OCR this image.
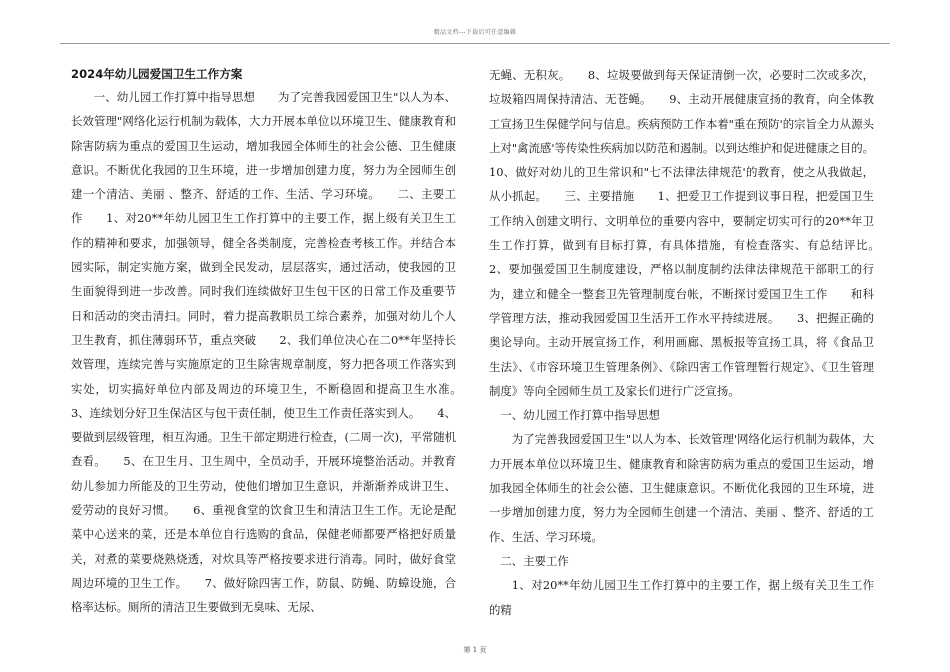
精品文档---下载后可任意编辑

2024年幼儿园爱国卫生工作方案

一、幼儿园工作打算中指导思想　　为了完善我园爱国卫生"以人为本、长效管理"网络化运行机制为载体，大力开展本单位以环境卫生、健康教育和除害防病为重点的爱国卫生运动，增加我园全体师生的社会公德、卫生健康意识。不断优化我园的卫生环境，进一步增加创建力度，努力为全园师生创建一个清洁、美丽 、整齐、舒适的工作、生活、学习环境。　　二、主要工作　　1、对20**年幼儿园卫生工作打算中的主要工作，据上级有关卫生工作的精神和要求，加强领导，健全各类制度，完善检查考核工作。并结合本园实际，制定实施方案，做到全民发动，层层落实，通过活动，使我园的卫生面貌得到进一步改善。同时我们连续做好卫生包干区的日常工作及重要节日和活动的突击清扫。同时，着力提高教职员工综合素养，加强对幼儿个人卫生教育，抓住薄弱环节，重点突破　　2、我们单位决心在二0**年坚持长效管理，连续完善与实施原定的卫生除害规章制度，努力把各项工作落实到实处，切实搞好单位内部及周边的环境卫生，不断稳固和提高卫生水准。　　3、连续划分好卫生保洁区与包干责任制，使卫生工作责任落实到人。　　4、要做到层级管理，相互沟通。卫生干部定期进行检查，(二周一次)，平常随机查看。　　5、在卫生月、卫生周中，全员动手，开展环境整治活动。并教育幼儿参加力所能及的卫生劳动，使他们增加卫生意识，并渐渐养成讲卫生、爱劳动的良好习惯。　　6、重视食堂的饮食卫生和清洁卫生工作。无论是配菜中心送来的菜，还是本单位自行选购的食品，保健老师都要严格把好质量关，对煮的菜要烧熟烧透，对炊具等严格按要求进行消毒。同时，做好食堂周边环境的卫生工作。　　7、做好除四害工作，防鼠、防蝇、防蟑设施，合格率达标。厕所的清洁卫生要做到无臭味、无尿、

无蝇、无积灰。　　8、垃圾要做到每天保证清倒一次，必要时二次或多次，垃圾箱四周保持清洁、无苍蝇。　　9、主动开展健康宣扬的教育，向全体教工宣扬卫生保健学问与信息。疾病预防工作本着"重在预防'的宗旨全力从源头上对"禽流感'等传染性疾病加以防范和遏制。以到达维护和促进健康之目的。10、做好对幼儿的卫生常识和"七不法律法律规范'的教育，使之从我做起，从小抓起。　　三、主要措施　　1、把爱卫工作提到议事日程，把爱国卫生工作纳入创建文明行、文明单位的重要内容中，要制定切实可行的20**年卫生工作打算，做到有目标打算，有具体措施，有检查落实、有总结评比。　　2、要加强爱国卫生制度建设，严格以制度制约法律法律规范干部职工的行为，建立和健全一整套卫先管理制度台帐，不断探讨爱国卫生工作　　和科学管理方法，推动我园爱国卫生活开工作水平持续进展。　　3、把握正确的奥论导向。主动开展宣扬工作，利用画廊、黑板报等宣扬工具，将《食品卫生法》、《市容环境卫生管理条例》、《除四害工作管理暂行规定》、《卫生管理制度》等向全园师生员工及家长们进行广泛宣扬。

一、幼儿园工作打算中指导思想

为了完善我园爱国卫生"以人为本、长效管理'网络化运行机制为载体，大力开展本单位以环境卫生、健康教育和除害防病为重点的爱国卫生运动，增加我园全体师生的社会公德、卫生健康意识。不断优化我园的卫生环境，进一步增加创建力度，努力为全园师生创建一个清洁、美丽 、整齐、舒适的工作、生活、学习环境。

二、主要工作

1、对20**年幼儿园卫生工作打算中的主要工作，据上级有关卫生工作的精

第 1 页
